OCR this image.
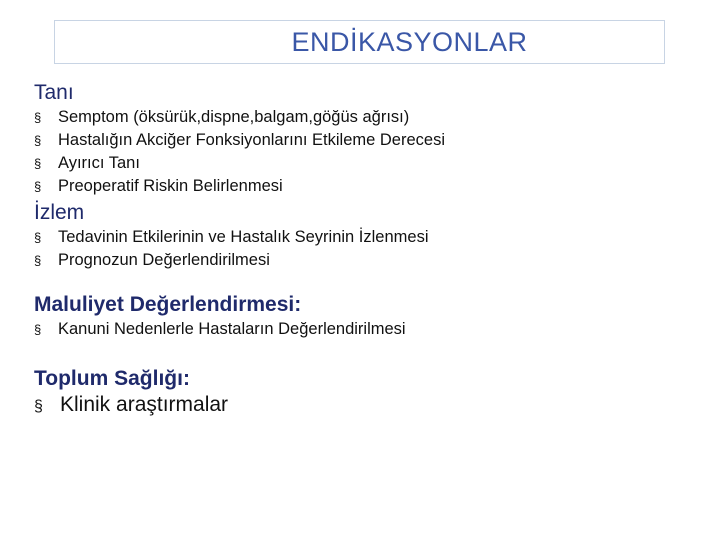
ENDİKASYONLAR
Tanı
§	Semptom (öksürük,dispne,balgam,göğüs ağrısı)
§	Hastalığın Akciğer Fonksiyonlarını Etkileme Derecesi
§	Ayırıcı Tanı
§	Preoperatif Riskin Belirlenmesi
İzlem
§	Tedavinin Etkilerinin ve Hastalık Seyrinin İzlenmesi
§	Prognozun Değerlendirilmesi
Maluliyet Değerlendirmesi:
§	Kanuni Nedenlerle Hastaların Değerlendirilmesi
Toplum Sağlığı:
§ Klinik araştırmalar
